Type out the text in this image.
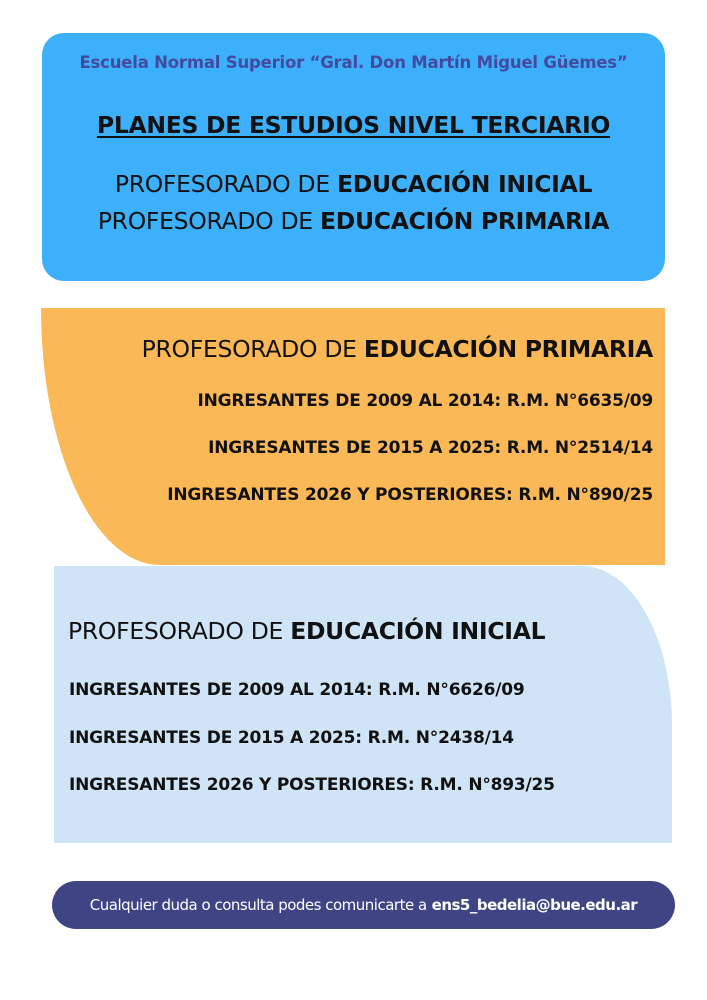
Escuela Normal Superior “Gral. Don Martín Miguel Güemes”
PLANES DE ESTUDIOS NIVEL TERCIARIO
PROFESORADO DE EDUCACIÓN INICIAL
PROFESORADO DE EDUCACIÓN PRIMARIA
PROFESORADO DE EDUCACIÓN PRIMARIA
INGRESANTES DE 2009 AL 2014: R.M. N°6635/09
INGRESANTES DE 2015 A 2025: R.M. N°2514/14
INGRESANTES 2026 Y POSTERIORES: R.M. N°890/25
PROFESORADO DE EDUCACIÓN INICIAL
INGRESANTES DE 2009 AL 2014: R.M. N°6626/09
INGRESANTES DE 2015 A 2025: R.M. N°2438/14
INGRESANTES 2026 Y POSTERIORES: R.M. N°893/25
Cualquier duda o consulta podes comunicarte a ens5_bedelia@bue.edu.ar
